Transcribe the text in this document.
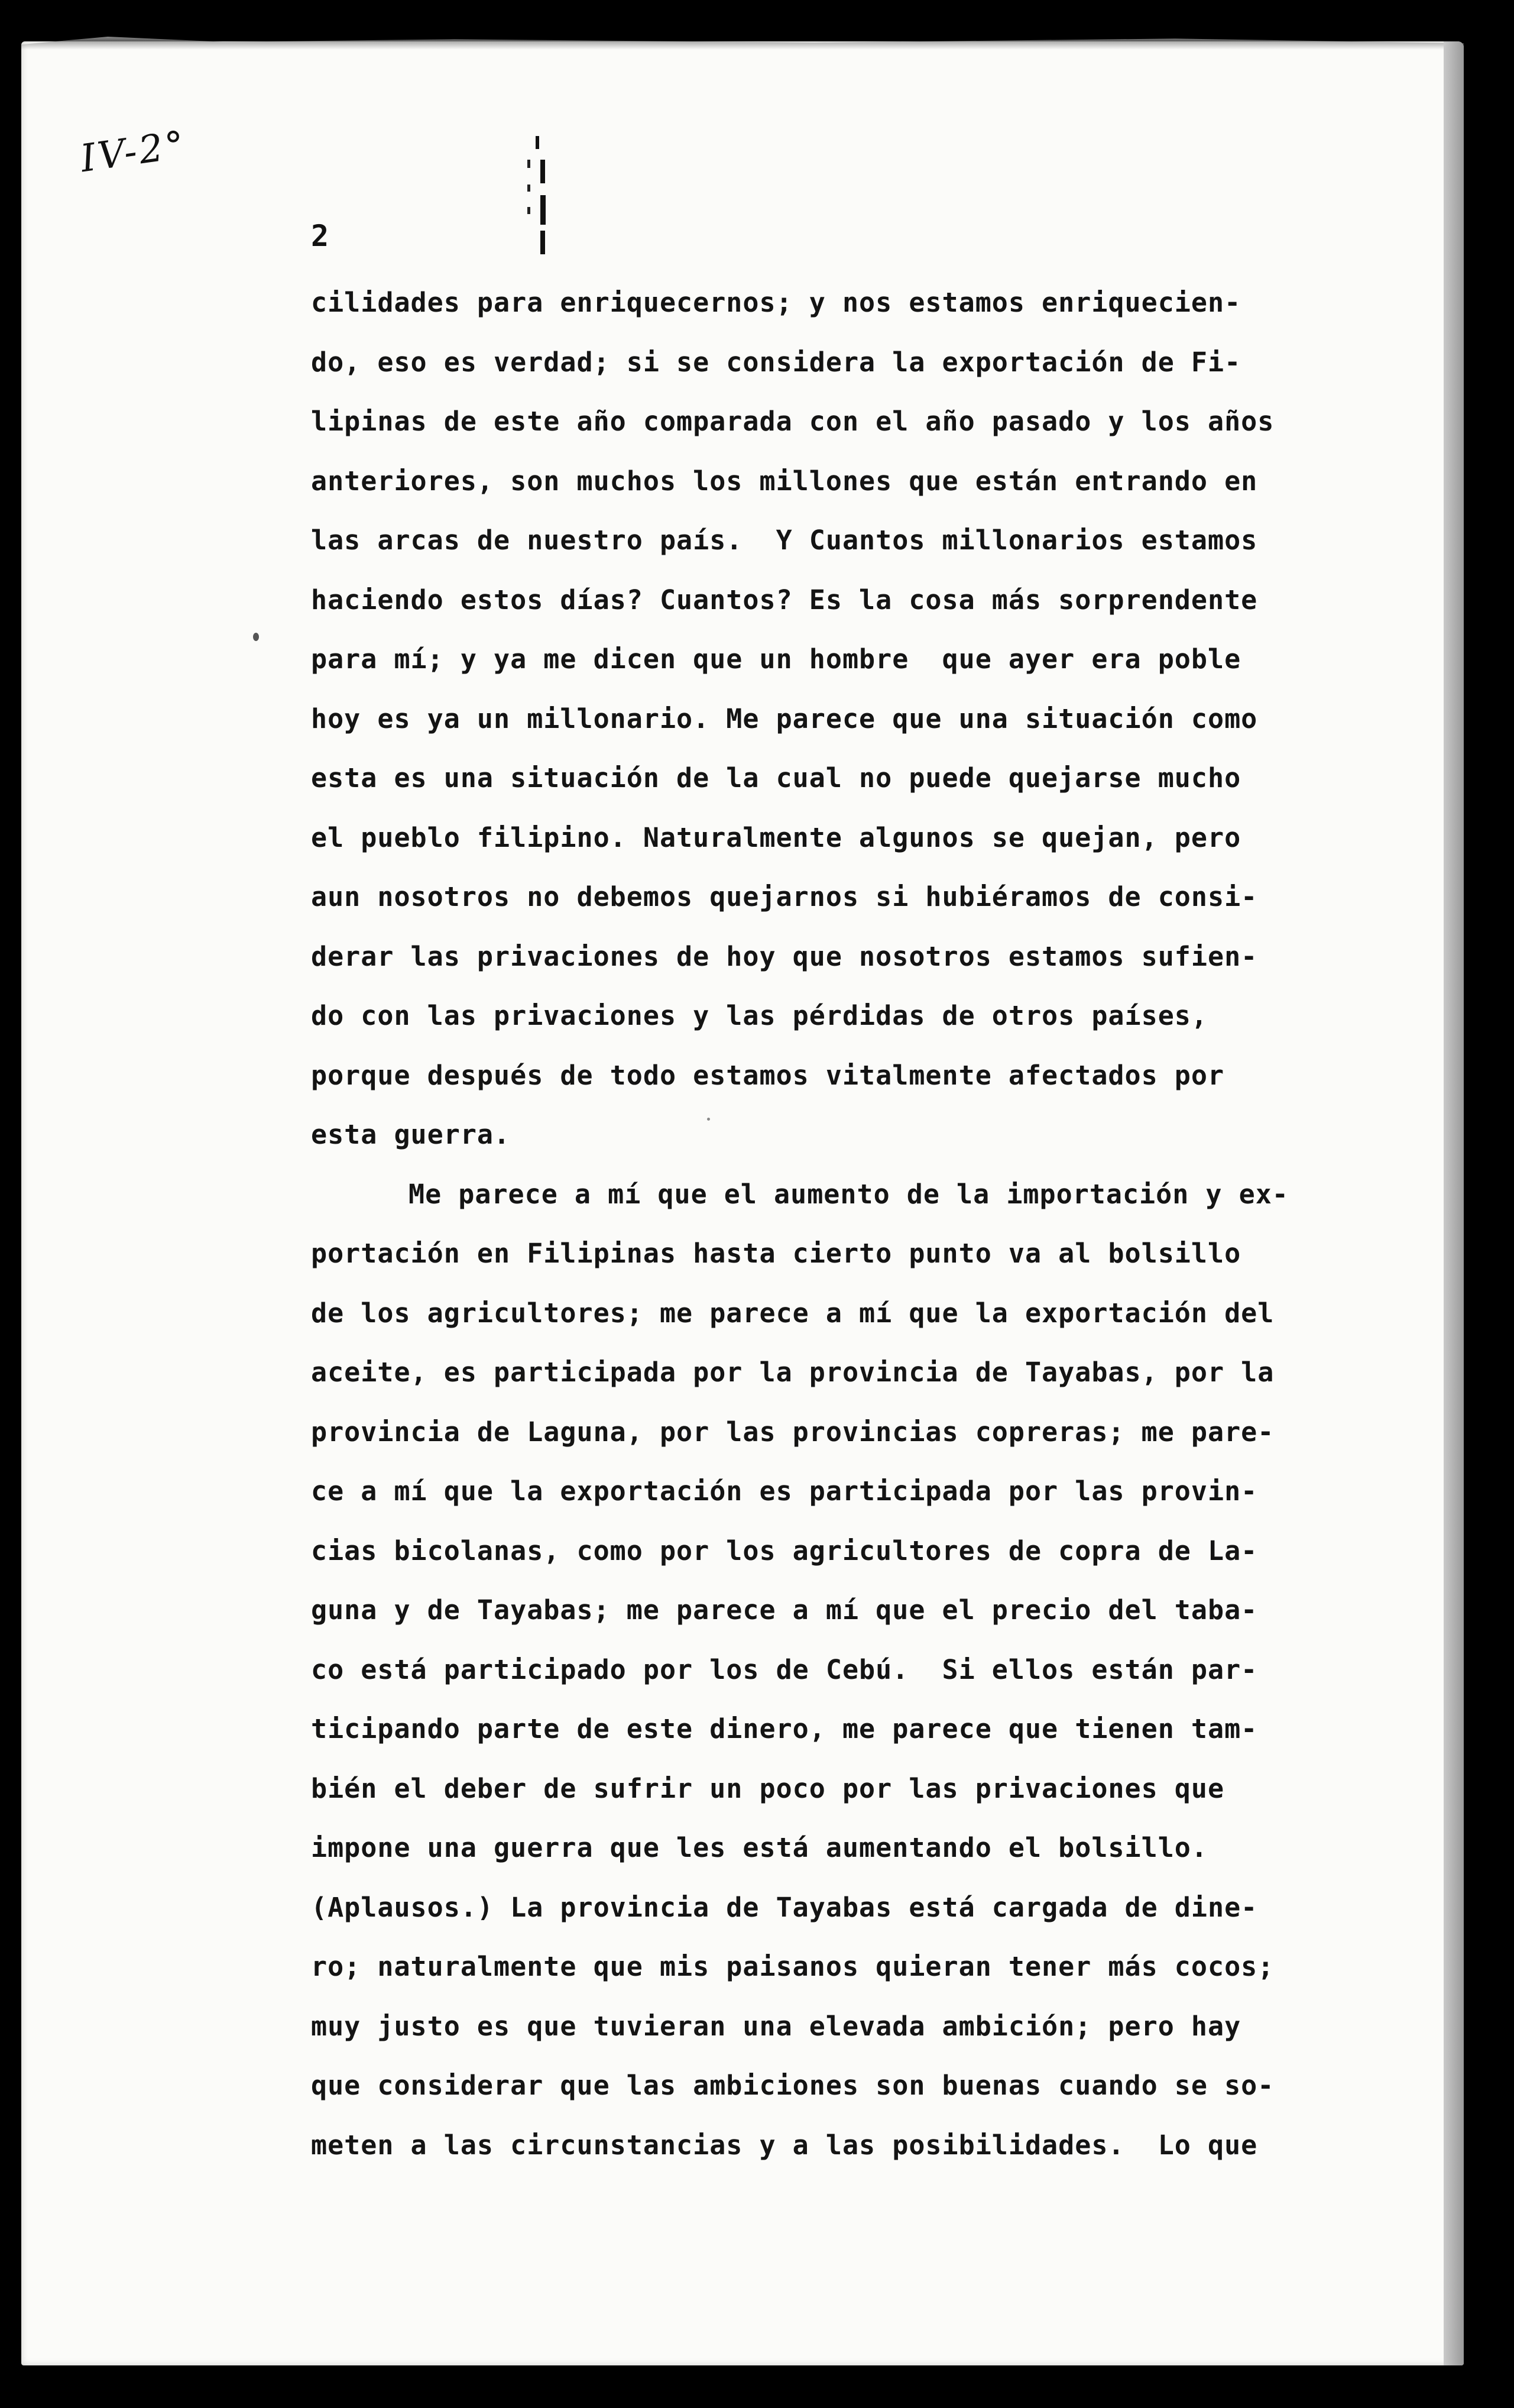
IV-2°
2
cilidades para enriquecernos; y nos estamos enriquecien-
do, eso es verdad; si se considera la exportación de Fi-
lipinas de este año comparada con el año pasado y los años
anteriores, son muchos los millones que están entrando en
las arcas de nuestro país.  Y Cuantos millonarios estamos
haciendo estos días? Cuantos? Es la cosa más sorprendente
para mí; y ya me dicen que un hombre  que ayer era poble
hoy es ya un millonario. Me parece que una situación como
esta es una situación de la cual no puede quejarse mucho
el pueblo filipino. Naturalmente algunos se quejan, pero
aun nosotros no debemos quejarnos si hubiéramos de consi-
derar las privaciones de hoy que nosotros estamos sufien-
do con las privaciones y las pérdidas de otros países,
porque después de todo estamos vitalmente afectados por
esta guerra.
Me parece a mí que el aumento de la importación y ex-
portación en Filipinas hasta cierto punto va al bolsillo
de los agricultores; me parece a mí que la exportación del
aceite, es participada por la provincia de Tayabas, por la
provincia de Laguna, por las provincias copreras; me pare-
ce a mí que la exportación es participada por las provin-
cias bicolanas, como por los agricultores de copra de La-
guna y de Tayabas; me parece a mí que el precio del taba-
co está participado por los de Cebú.  Si ellos están par-
ticipando parte de este dinero, me parece que tienen tam-
bién el deber de sufrir un poco por las privaciones que
impone una guerra que les está aumentando el bolsillo.
(Aplausos.) La provincia de Tayabas está cargada de dine-
ro; naturalmente que mis paisanos quieran tener más cocos;
muy justo es que tuvieran una elevada ambición; pero hay
que considerar que las ambiciones son buenas cuando se so-
meten a las circunstancias y a las posibilidades.  Lo que
